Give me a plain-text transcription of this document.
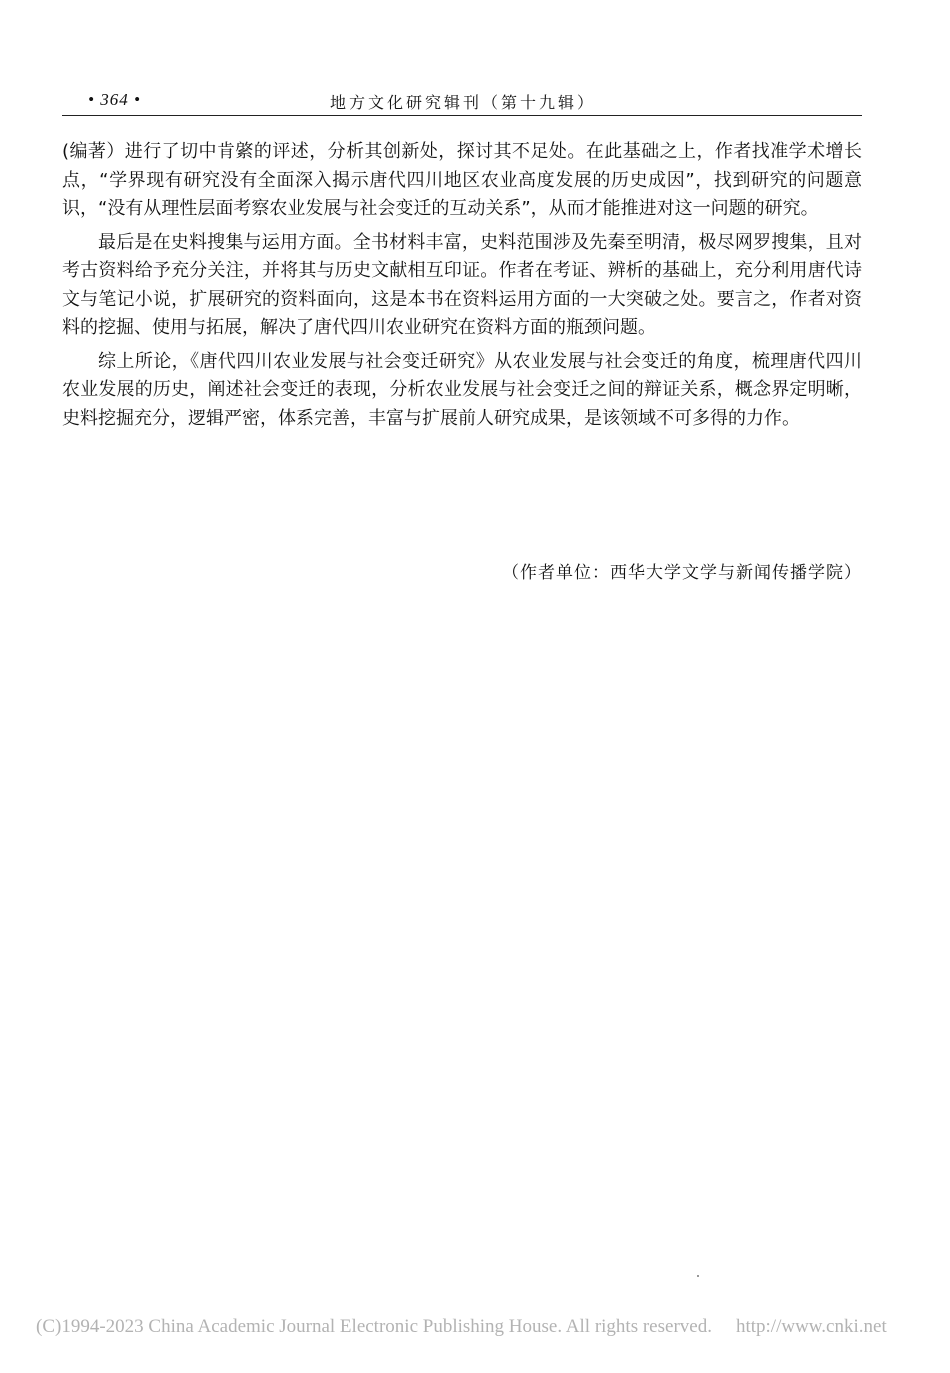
• 364 •	地方文化研究辑刊（第十九辑）

(编著）进行了切中肯綮的评述，分析其创新处，探讨其不足处。在此基础之上，作者找准学术增长点，“学界现有研究没有全面深入揭示唐代四川地区农业高度发展的历史成因”，找到研究的问题意识，“没有从理性层面考察农业发展与社会变迁的互动关系”，从而才能推进对这一问题的研究。

最后是在史料搜集与运用方面。全书材料丰富，史料范围涉及先秦至明清，极尽网罗搜集，且对考古资料给予充分关注，并将其与历史文献相互印证。作者在考证、辨析的基础上，充分利用唐代诗文与笔记小说，扩展研究的资料面向，这是本书在资料运用方面的一大突破之处。要言之，作者对资料的挖掘、使用与拓展，解决了唐代四川农业研究在资料方面的瓶颈问题。

综上所论，《唐代四川农业发展与社会变迁研究》从农业发展与社会变迁的角度，梳理唐代四川农业发展的历史，阐述社会变迁的表现，分析农业发展与社会变迁之间的辩证关系，概念界定明晰，史料挖掘充分，逻辑严密，体系完善，丰富与扩展前人研究成果，是该领域不可多得的力作。

（作者单位：西华大学文学与新闻传播学院）
(C)1994-2023 China Academic Journal Electronic Publishing House. All rights reserved. http://www.cnki.net
